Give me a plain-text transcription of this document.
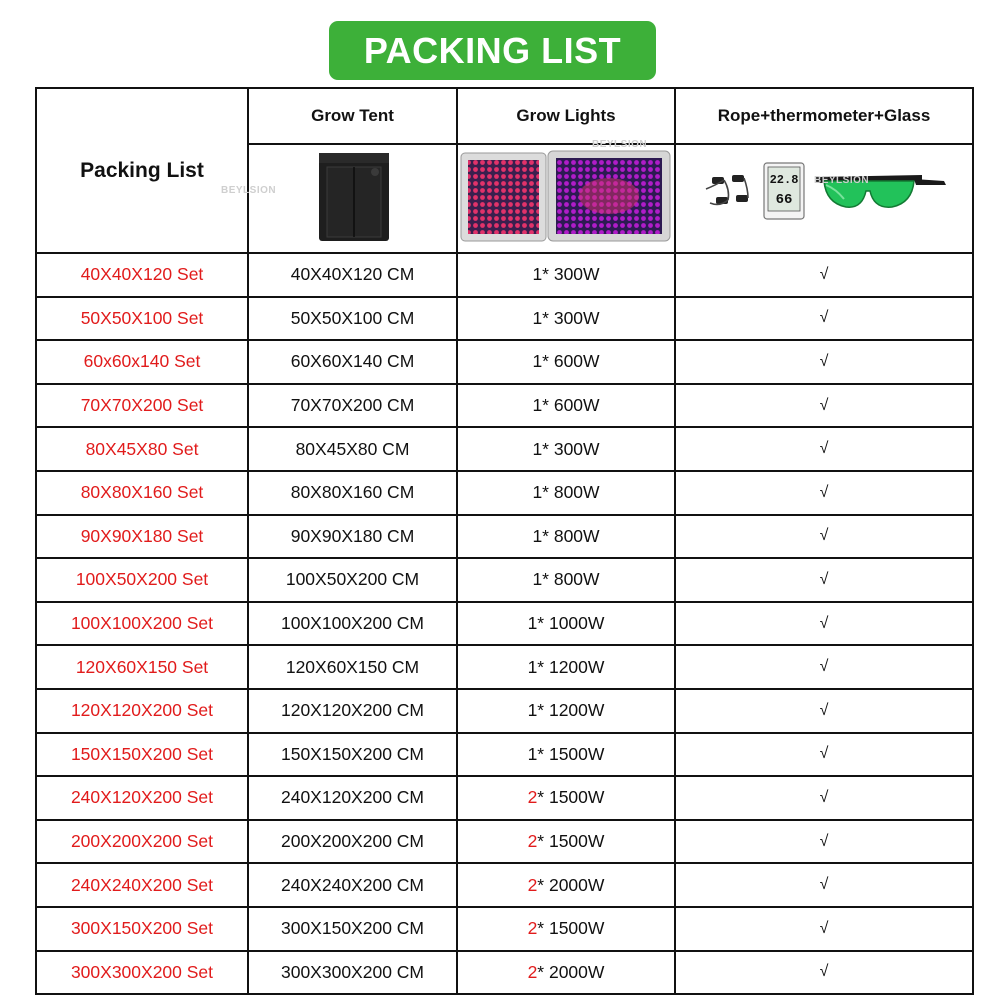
PACKING LIST
Packing List	Grow Tent	Grow Lights	Rope+thermometer+Glass

	BEYLSION	BEYLSION	22.8
66
BEYLSION

40X40X120 Set	40X40X120 CM	1* 300W	√
50X50X100 Set	50X50X100 CM	1* 300W	√
60x60x140 Set	60X60X140 CM	1* 600W	√
70X70X200 Set	70X70X200 CM	1* 600W	√
80X45X80 Set	80X45X80 CM	1* 300W	√
80X80X160 Set	80X80X160 CM	1* 800W	√
90X90X180 Set	90X90X180 CM	1* 800W	√
100X50X200 Set	100X50X200 CM	1* 800W	√
100X100X200 Set	100X100X200 CM	1* 1000W	√
120X60X150 Set	120X60X150 CM	1* 1200W	√
120X120X200 Set	120X120X200 CM	1* 1200W	√
150X150X200 Set	150X150X200 CM	1* 1500W	√
240X120X200 Set	240X120X200 CM	2* 1500W	√
200X200X200 Set	200X200X200 CM	2* 1500W	√
240X240X200 Set	240X240X200 CM	2* 2000W	√
300X150X200 Set	300X150X200 CM	2* 1500W	√
300X300X200 Set	300X300X200 CM	2* 2000W	√
